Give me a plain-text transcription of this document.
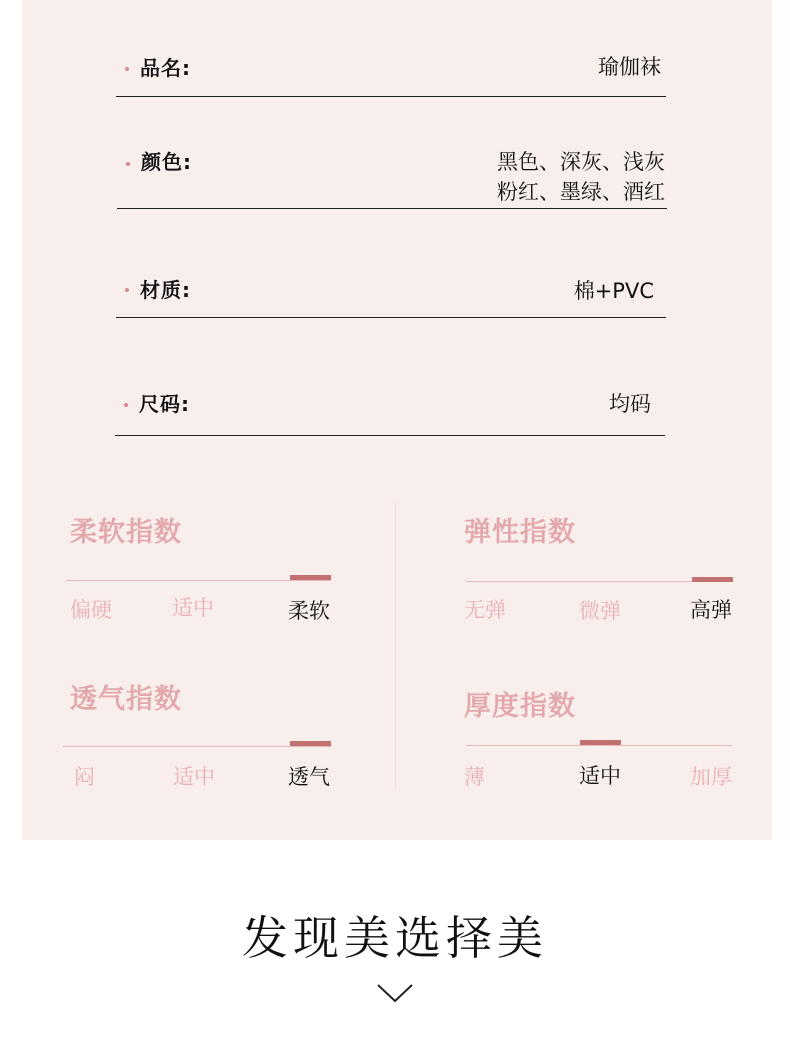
品名:	瑜伽袜
颜色:	黑色、深灰、浅灰
粉红、墨绿、酒红
材质:	棉+PVC
尺码:	均码
柔软指数
偏硬	适中	柔软
弹性指数
无弹	微弹	高弹
透气指数
闷	适中	透气
厚度指数
薄	适中	加厚
发现美选择美
